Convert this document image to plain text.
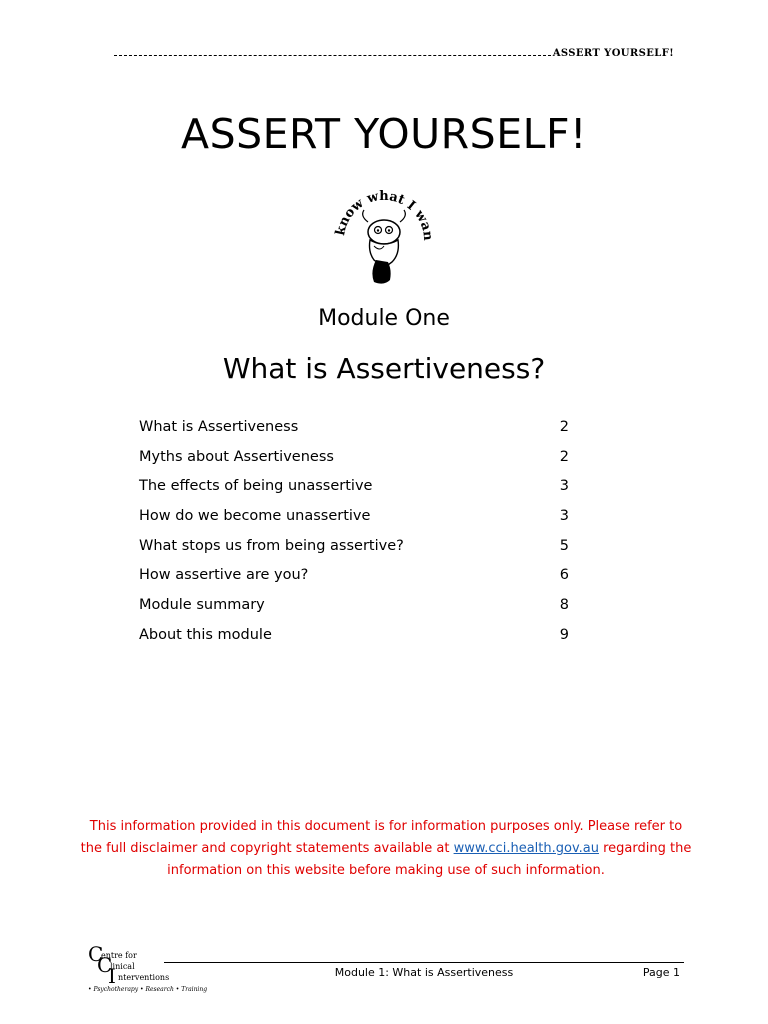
ASSERT YOURSELF!
ASSERT YOURSELF!
know what I wan
Module One
What is Assertiveness?
What is Assertiveness	2
Myths about Assertiveness	2
The effects of being unassertive	3
How do we become unassertive	3
What stops us from being assertive?	5
How assertive are you?	6
Module summary	8
About this module	9
This information provided in this document is for information purposes only. Please refer to the full disclaimer and copyright statements available at www.cci.health.gov.au regarding the information on this website before making use of such information.
C
entre for
C
linical
I nterventions
• Psychotherapy • Research • Training
Module 1: What is Assertiveness	Page 1
